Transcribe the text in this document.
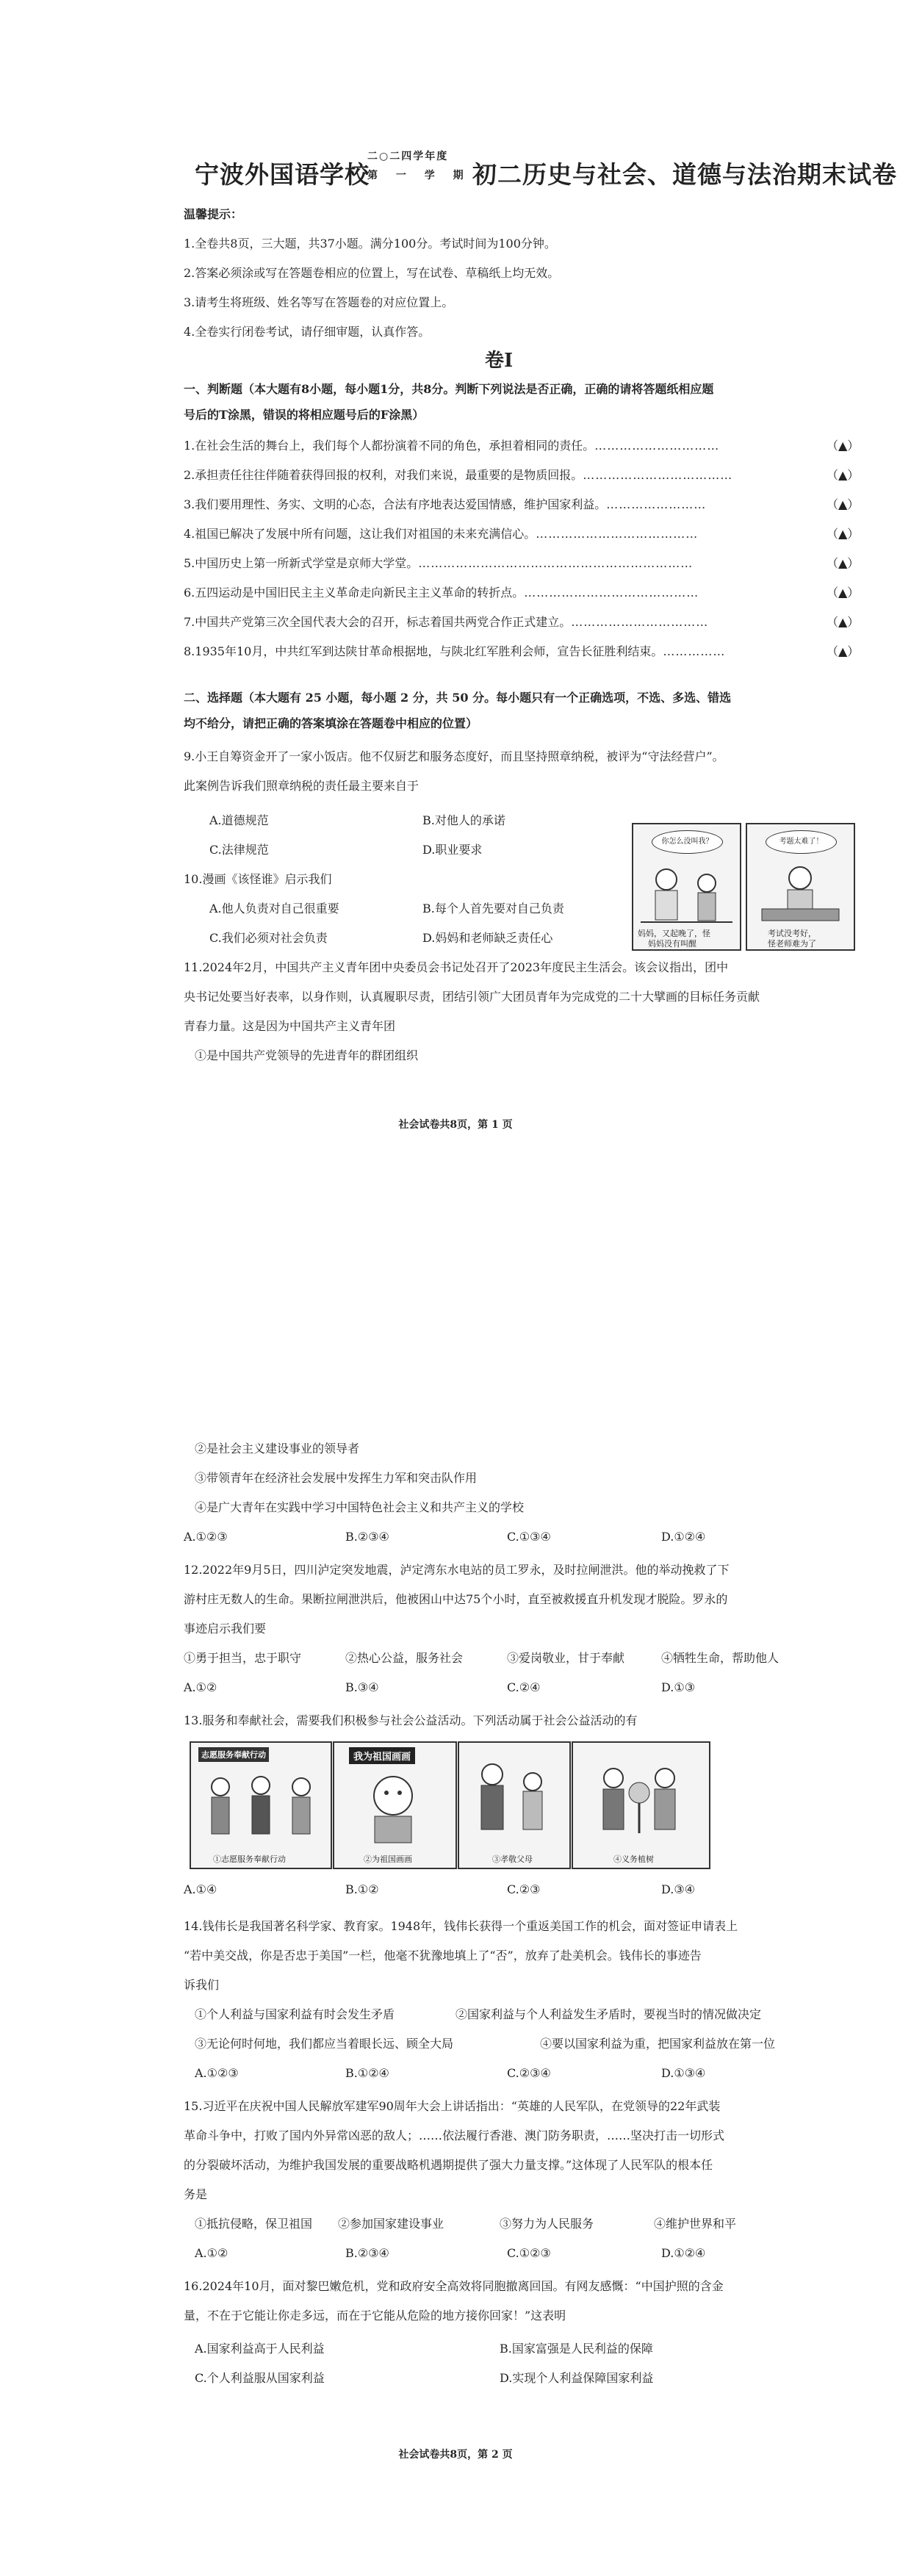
宁波外国语学校
二○二四学年度
第 一 学 期 初二历史与社会、道德与法治期末试卷
温馨提示：
1.全卷共8页，三大题，共37小题。满分100分。考试时间为100分钟。
2.答案必须涂或写在答题卷相应的位置上，写在试卷、草稿纸上均无效。
3.请考生将班级、姓名等写在答题卷的对应位置上。
4.全卷实行闭卷考试，请仔细审题，认真作答。
卷Ⅰ
一、判断题（本大题有8小题，每小题1分，共8分。判断下列说法是否正确，正确的请将答题纸相应题
号后的T涂黑，错误的将相应题号后的F涂黑）
1.在社会生活的舞台上，我们每个人都扮演着不同的角色，承担着相同的责任。…………………………	（▲）
2.承担责任往往伴随着获得回报的权利，对我们来说，最重要的是物质回报。………………………………	（▲）
3.我们要用理性、务实、文明的心态，合法有序地表达爱国情感，维护国家利益。……………………	（▲）
4.祖国已解决了发展中所有问题，这让我们对祖国的未来充满信心。…………………………………	（▲）
5.中国历史上第一所新式学堂是京师大学堂。…………………………………………………………	（▲）
6.五四运动是中国旧民主主义革命走向新民主主义革命的转折点。……………………………………	（▲）
7.中国共产党第三次全国代表大会的召开，标志着国共两党合作正式建立。……………………………	（▲）
8.1935年10月，中共红军到达陕甘革命根据地，与陕北红军胜利会师，宣告长征胜利结束。……………	（▲）
二、选择题（本大题有 25 小题，每小题 2 分，共 50 分。每小题只有一个正确选项，不选、多选、错选
均不给分，请把正确的答案填涂在答题卷中相应的位置）
9.小王自筹资金开了一家小饭店。他不仅厨艺和服务态度好，而且坚持照章纳税，被评为“守法经营户”。
此案例告诉我们照章纳税的责任最主要来自于
A.道德规范	B.对他人的承诺
C.法律规范	D.职业要求
10.漫画《该怪谁》启示我们
A.他人负责对自己很重要	B.每个人首先要对自己负责
C.我们必须对社会负责	D.妈妈和老师缺乏责任心
你怎么没叫我？
妈妈，又起晚了，怪
妈妈没有叫醒
考题太难了！
考试没考好，
怪老师难为了
11.2024年2月，中国共产主义青年团中央委员会书记处召开了2023年度民主生活会。该会议指出，团中
央书记处要当好表率，以身作则，认真履职尽责，团结引领广大团员青年为完成党的二十大擘画的目标任务贡献
青春力量。这是因为中国共产主义青年团
①是中国共产党领导的先进青年的群团组织
社会试卷共8页，第 1 页
②是社会主义建设事业的领导者
③带领青年在经济社会发展中发挥生力军和突击队作用
④是广大青年在实践中学习中国特色社会主义和共产主义的学校
A.①②③	B.②③④	C.①③④	D.①②④
12.2022年9月5日，四川泸定突发地震，泸定湾东水电站的员工罗永，及时拉闸泄洪。他的举动挽救了下
游村庄无数人的生命。果断拉闸泄洪后，他被困山中达75个小时，直至被救援直升机发现才脱险。罗永的
事迹启示我们要
①勇于担当，忠于职守	②热心公益，服务社会	③爱岗敬业，甘于奉献	④牺牲生命，帮助他人
A.①②	B.③④	C.②④	D.①③
13.服务和奉献社会，需要我们积极参与社会公益活动。下列活动属于社会公益活动的有
志愿服务奉献行动
①志愿服务奉献行动
我为祖国画画
②为祖国画画	③孝敬父母	④义务植树
A.①④	B.①②	C.②③	D.③④
14.钱伟长是我国著名科学家、教育家。1948年，钱伟长获得一个重返美国工作的机会，面对签证申请表上
“若中美交战，你是否忠于美国”一栏，他毫不犹豫地填上了“否”，放弃了赴美机会。钱伟长的事迹告
诉我们
①个人利益与国家利益有时会发生矛盾	②国家利益与个人利益发生矛盾时，要视当时的情况做决定
③无论何时何地，我们都应当着眼长远、顾全大局	④要以国家利益为重，把国家利益放在第一位
A.①②③	B.①②④	C.②③④	D.①③④
15.习近平在庆祝中国人民解放军建军90周年大会上讲话指出：“英雄的人民军队，在党领导的22年武装
革命斗争中，打败了国内外异常凶恶的敌人；……依法履行香港、澳门防务职责，……坚决打击一切形式
的分裂破坏活动，为维护我国发展的重要战略机遇期提供了强大力量支撑。”这体现了人民军队的根本任
务是
①抵抗侵略，保卫祖国 ②参加国家建设事业	③努力为人民服务	④维护世界和平
A.①②	B.②③④	C.①②③	D.①②④
16.2024年10月，面对黎巴嫩危机，党和政府安全高效将同胞撤离回国。有网友感慨：“中国护照的含金
量，不在于它能让你走多远，而在于它能从危险的地方接你回家！”这表明
A.国家利益高于人民利益	B.国家富强是人民利益的保障
C.个人利益服从国家利益	D.实现个人利益保障国家利益
社会试卷共8页，第 2 页
